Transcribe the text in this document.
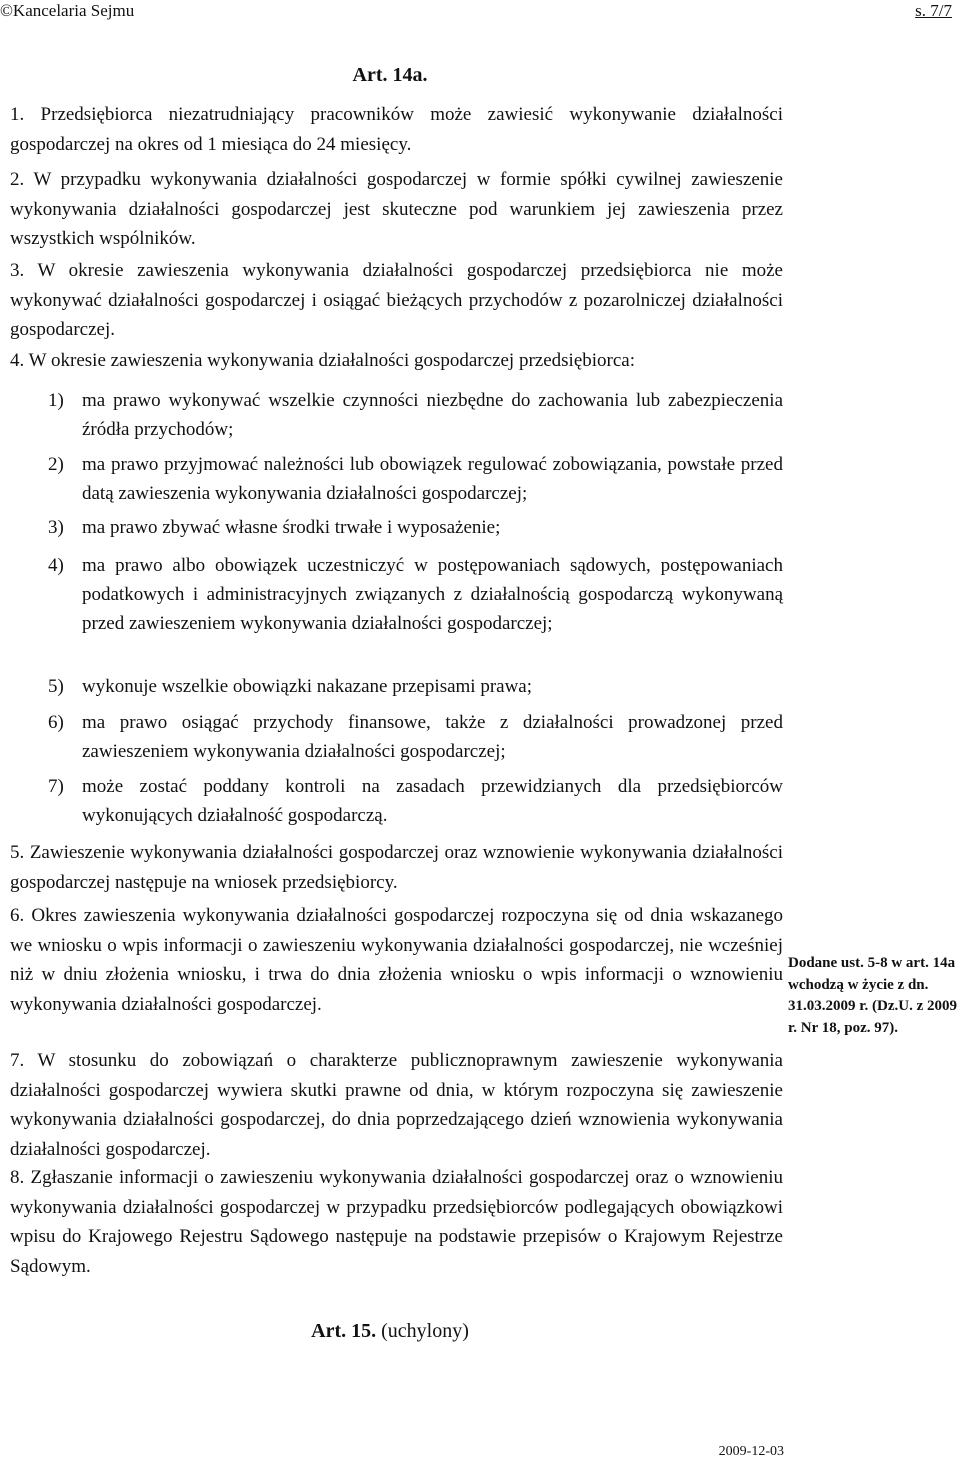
©Kancelaria Sejmu	s. 7/7
Art. 14a.
1. Przedsiębiorca niezatrudniający pracowników może zawiesić wykonywanie działalności gospodarczej na okres od 1 miesiąca do 24 miesięcy.
2. W przypadku wykonywania działalności gospodarczej w formie spółki cywilnej zawieszenie wykonywania działalności gospodarczej jest skuteczne pod warunkiem jej zawieszenia przez wszystkich wspólników.
3. W okresie zawieszenia wykonywania działalności gospodarczej przedsiębiorca nie może wykonywać działalności gospodarczej i osiągać bieżących przychodów z pozarolniczej działalności gospodarczej.
4. W okresie zawieszenia wykonywania działalności gospodarczej przedsiębiorca:
1) ma prawo wykonywać wszelkie czynności niezbędne do zachowania lub zabezpieczenia źródła przychodów;
2) ma prawo przyjmować należności lub obowiązek regulować zobowiązania, powstałe przed datą zawieszenia wykonywania działalności gospodarczej;
3) ma prawo zbywać własne środki trwałe i wyposażenie;
4) ma prawo albo obowiązek uczestniczyć w postępowaniach sądowych, postępowaniach podatkowych i administracyjnych związanych z działalnością gospodarczą wykonywaną przed zawieszeniem wykonywania działalności gospodarczej;
5) wykonuje wszelkie obowiązki nakazane przepisami prawa;
6) ma prawo osiągać przychody finansowe, także z działalności prowadzonej przed zawieszeniem wykonywania działalności gospodarczej;
7) może zostać poddany kontroli na zasadach przewidzianych dla przedsiębiorców wykonujących działalność gospodarczą.
5. Zawieszenie wykonywania działalności gospodarczej oraz wznowienie wykonywania działalności gospodarczej następuje na wniosek przedsiębiorcy.
6. Okres zawieszenia wykonywania działalności gospodarczej rozpoczyna się od dnia wskazanego we wniosku o wpis informacji o zawieszeniu wykonywania działalności gospodarczej, nie wcześniej niż w dniu złożenia wniosku, i trwa do dnia złożenia wniosku o wpis informacji o wznowieniu wykonywania działalności gospodarczej.
7. W stosunku do zobowiązań o charakterze publicznoprawnym zawieszenie wykonywania działalności gospodarczej wywiera skutki prawne od dnia, w którym rozpoczyna się zawieszenie wykonywania działalności gospodarczej, do dnia poprzedzającego dzień wznowienia wykonywania działalności gospodarczej.
8. Zgłaszanie informacji o zawieszeniu wykonywania działalności gospodarczej oraz o wznowieniu wykonywania działalności gospodarczej w przypadku przedsiębiorców podlegających obowiązkowi wpisu do Krajowego Rejestru Sądowego następuje na podstawie przepisów o Krajowym Rejestrze Sądowym.
Dodane ust. 5-8 w art. 14a wchodzą w życie z dn. 31.03.2009 r. (Dz.U. z 2009 r. Nr 18, poz. 97).
Art. 15. (uchylony)
2009-12-03
